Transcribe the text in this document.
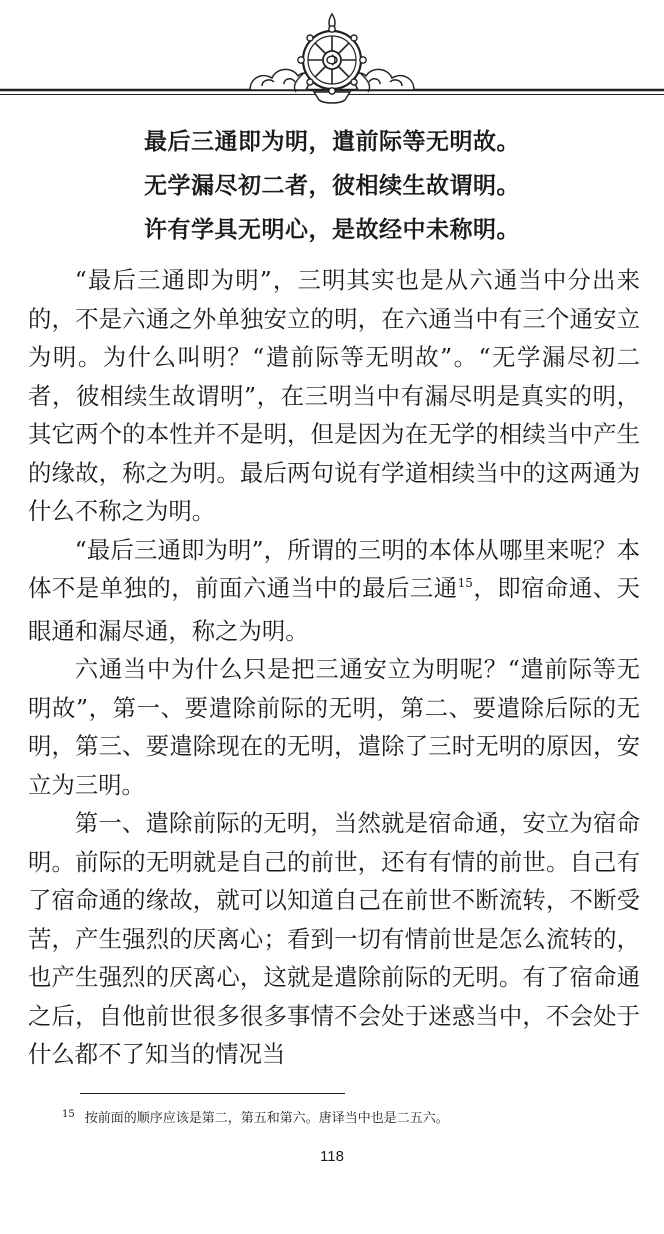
最后三通即为明，遣前际等无明故。
无学漏尽初二者，彼相续生故谓明。
许有学具无明心，是故经中未称明。

“最后三通即为明”，三明其实也是从六通当中分出来的，不是六通之外单独安立的明，在六通当中有三个通安立为明。为什么叫明？“遣前际等无明故”。“无学漏尽初二者，彼相续生故谓明”，在三明当中有漏尽明是真实的明，其它两个的本性并不是明，但是因为在无学的相续当中产生的缘故，称之为明。最后两句说有学道相续当中的这两通为什么不称之为明。

“最后三通即为明”，所谓的三明的本体从哪里来呢？本体不是单独的，前面六通当中的最后三通$^{15}$，即宿命通、天眼通和漏尽通，称之为明。

六通当中为什么只是把三通安立为明呢？“遣前际等无明故”，第一、要遣除前际的无明，第二、要遣除后际的无明，第三、要遣除现在的无明，遣除了三时无明的原因，安立为三明。

第一、遣除前际的无明，当然就是宿命通，安立为宿命明。前际的无明就是自己的前世，还有有情的前世。自己有了宿命通的缘故，就可以知道自己在前世不断流转，不断受苦，产生强烈的厌离心；看到一切有情前世是怎么流转的，也产生强烈的厌离心，这就是遣除前际的无明。有了宿命通之后，自他前世很多很多事情不会处于迷惑当中，不会处于什么都不了知当的情况当

$^{15}$ 按前面的顺序应该是第二，第五和第六。唐译当中也是二五六。
118
